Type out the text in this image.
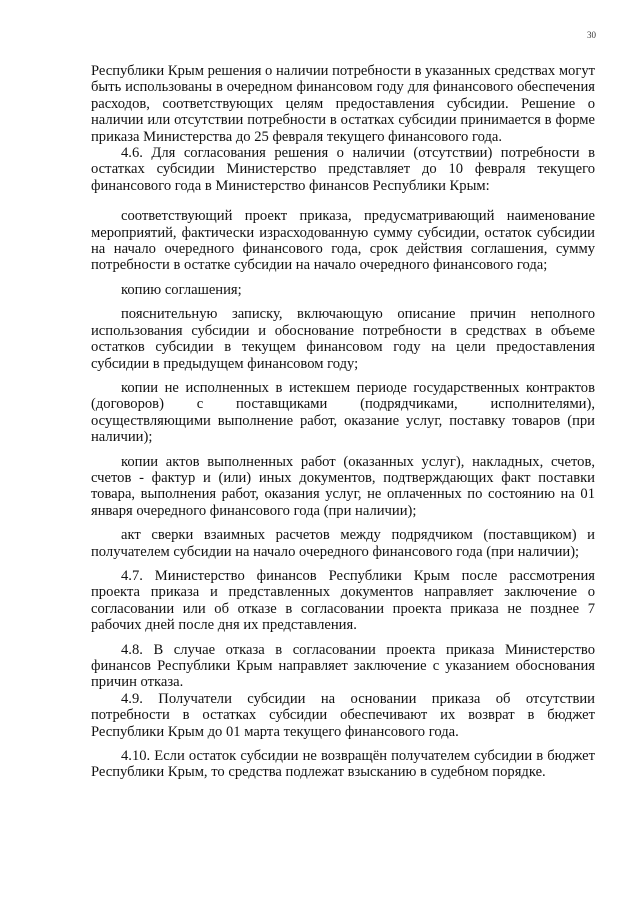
30

Республики Крым решения о наличии потребности в указанных средствах могут быть использованы в очередном финансовом году для финансового обеспечения расходов, соответствующих целям предоставления субсидии. Решение о наличии или отсутствии потребности в остатках субсидии принимается в форме приказа Министерства до 25 февраля текущего финансового года.

4.6. Для согласования решения о наличии (отсутствии) потребности в остатках субсидии Министерство представляет до 10 февраля текущего финансового года в Министерство финансов Республики Крым:

соответствующий проект приказа, предусматривающий наименование мероприятий, фактически израсходованную сумму субсидии, остаток субсидии на начало очередного финансового года, срок действия соглашения, сумму потребности в остатке субсидии на начало очередного финансового года;

копию соглашения;

пояснительную записку, включающую описание причин неполного использования субсидии и обоснование потребности в средствах в объеме остатков субсидии в текущем финансовом году на цели предоставления субсидии в предыдущем финансовом году;

копии не исполненных в истекшем периоде государственных контрактов (договоров) с поставщиками (подрядчиками, исполнителями), осуществляющими выполнение работ, оказание услуг, поставку товаров (при наличии);

копии актов выполненных работ (оказанных услуг), накладных, счетов, счетов - фактур и (или) иных документов, подтверждающих факт поставки товара, выполнения работ, оказания услуг, не оплаченных по состоянию на 01 января очередного финансового года (при наличии);

акт сверки взаимных расчетов между подрядчиком (поставщиком) и получателем субсидии на начало очередного финансового года (при наличии);

4.7. Министерство финансов Республики Крым после рассмотрения проекта приказа и представленных документов направляет заключение о согласовании или об отказе в согласовании проекта приказа не позднее 7 рабочих дней после дня их представления.

4.8. В случае отказа в согласовании проекта приказа Министерство финансов Республики Крым направляет заключение с указанием обоснования причин отказа.

4.9. Получатели субсидии на основании приказа об отсутствии потребности в остатках субсидии обеспечивают их возврат в бюджет Республики Крым до 01 марта текущего финансового года.

4.10. Если остаток субсидии не возвращён получателем субсидии в бюджет Республики Крым, то средства подлежат взысканию в судебном порядке.
